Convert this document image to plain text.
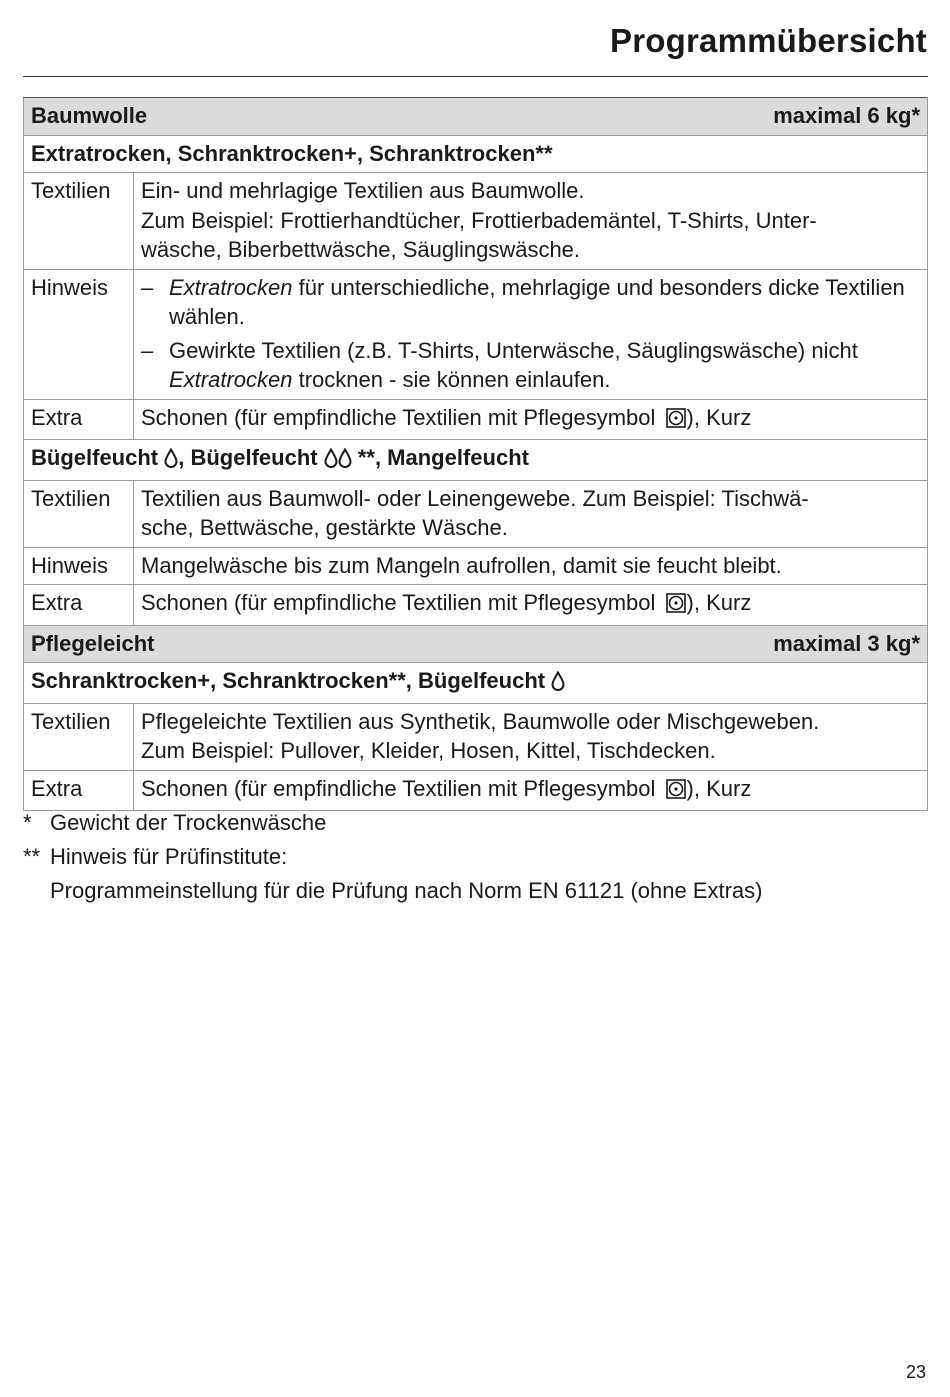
Programmübersicht
Baumwolle maximal 6 kg*	

Extratrocken, Schranktrocken+, Schranktrocken**	
Textilien	Ein- und mehrlagige Textilien aus Baumwolle.
Zum Beispiel: Frottierhandtücher, Frottierbademäntel, T-Shirts, Unter-
wäsche, Biberbettwäsche, Säuglingswäsche.

Hinweis	– Extratrocken für unterschiedliche, mehrlagige und besonders dicke Textilien wählen.
– Gewirkte Textilien (z.B. T-Shirts, Unterwäsche, Säuglingswäsche) nicht Extratrocken trocknen - sie können einlaufen.

Extra	Schonen (für empfindliche Textilien mit Pflegesymbol ), Kurz
Bügelfeucht , Bügelfeucht  **, Mangelfeucht	
Textilien	Textilien aus Baumwoll- oder Leinengewebe. Zum Beispiel: Tischwä-
sche, Bettwäsche, gestärkte Wäsche.

Hinweis	Mangelwäsche bis zum Mangeln aufrollen, damit sie feucht bleibt.
Extra	Schonen (für empfindliche Textilien mit Pflegesymbol ), Kurz
Pflegeleicht maximal 3 kg*	

Schranktrocken+, Schranktrocken**, Bügelfeucht	
Textilien	Pflegeleichte Textilien aus Synthetik, Baumwolle oder Mischgeweben.
Zum Beispiel: Pullover, Kleider, Hosen, Kittel, Tischdecken.

Extra	Schonen (für empfindliche Textilien mit Pflegesymbol ), Kurz
* Gewicht der Trockenwäsche
** Hinweis für Prüfinstitute:
Programmeinstellung für die Prüfung nach Norm EN 61121 (ohne Extras)
23
